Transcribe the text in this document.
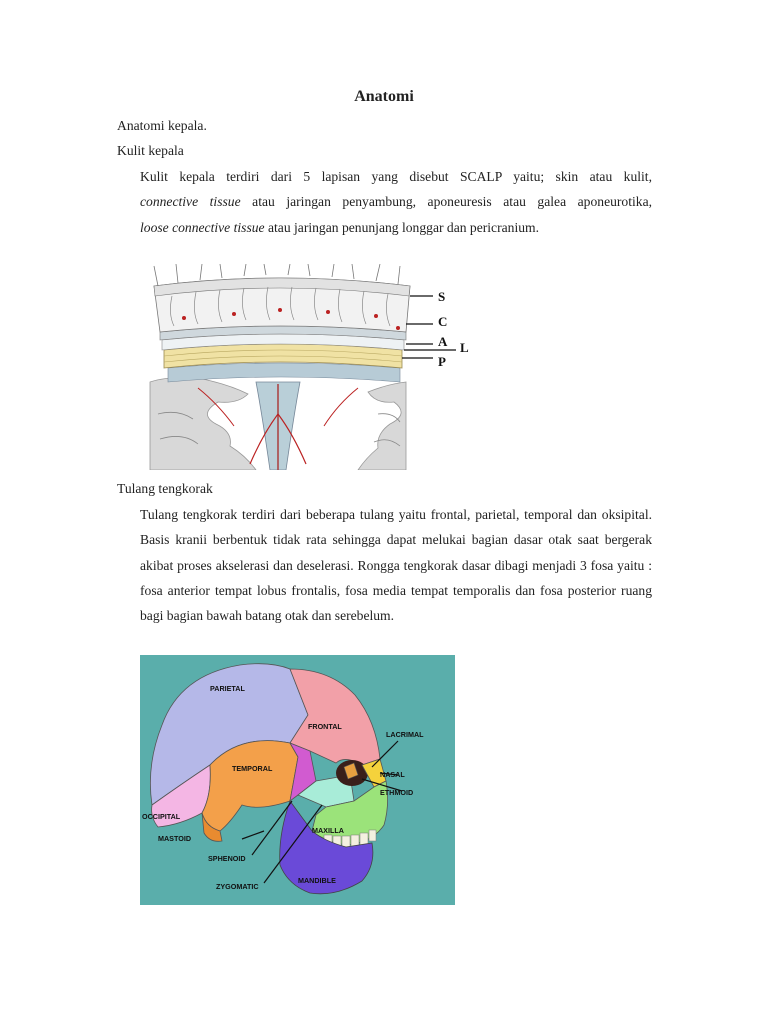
Anatomi
Anatomi kepala.
Kulit kepala
Kulit kepala terdiri dari 5 lapisan yang disebut SCALP yaitu; skin atau kulit,
connective tissue atau jaringan penyambung, aponeuresis atau galea aponeurotika,
loose connective tissue atau jaringan penunjang longgar dan pericranium.
S
C
A L
P
Tulang tengkorak
Tulang tengkorak terdiri dari beberapa tulang yaitu frontal, parietal, temporal dan oksipital. Basis kranii berbentuk tidak rata sehingga dapat melukai bagian dasar otak saat bergerak akibat proses akselerasi dan deselerasi. Rongga tengkorak dasar dibagi menjadi 3 fosa yaitu : fosa anterior tempat lobus frontalis, fosa media tempat temporalis dan fosa posterior ruang bagi bagian bawah batang otak dan serebelum.
PARIETAL
FRONTAL
LACRIMAL
TEMPORAL
NASAL
ETHMOID
OCCIPITAL
MAXILLA
MASTOID
SPHENOID
ZYGOMATIC
MANDIBLE
